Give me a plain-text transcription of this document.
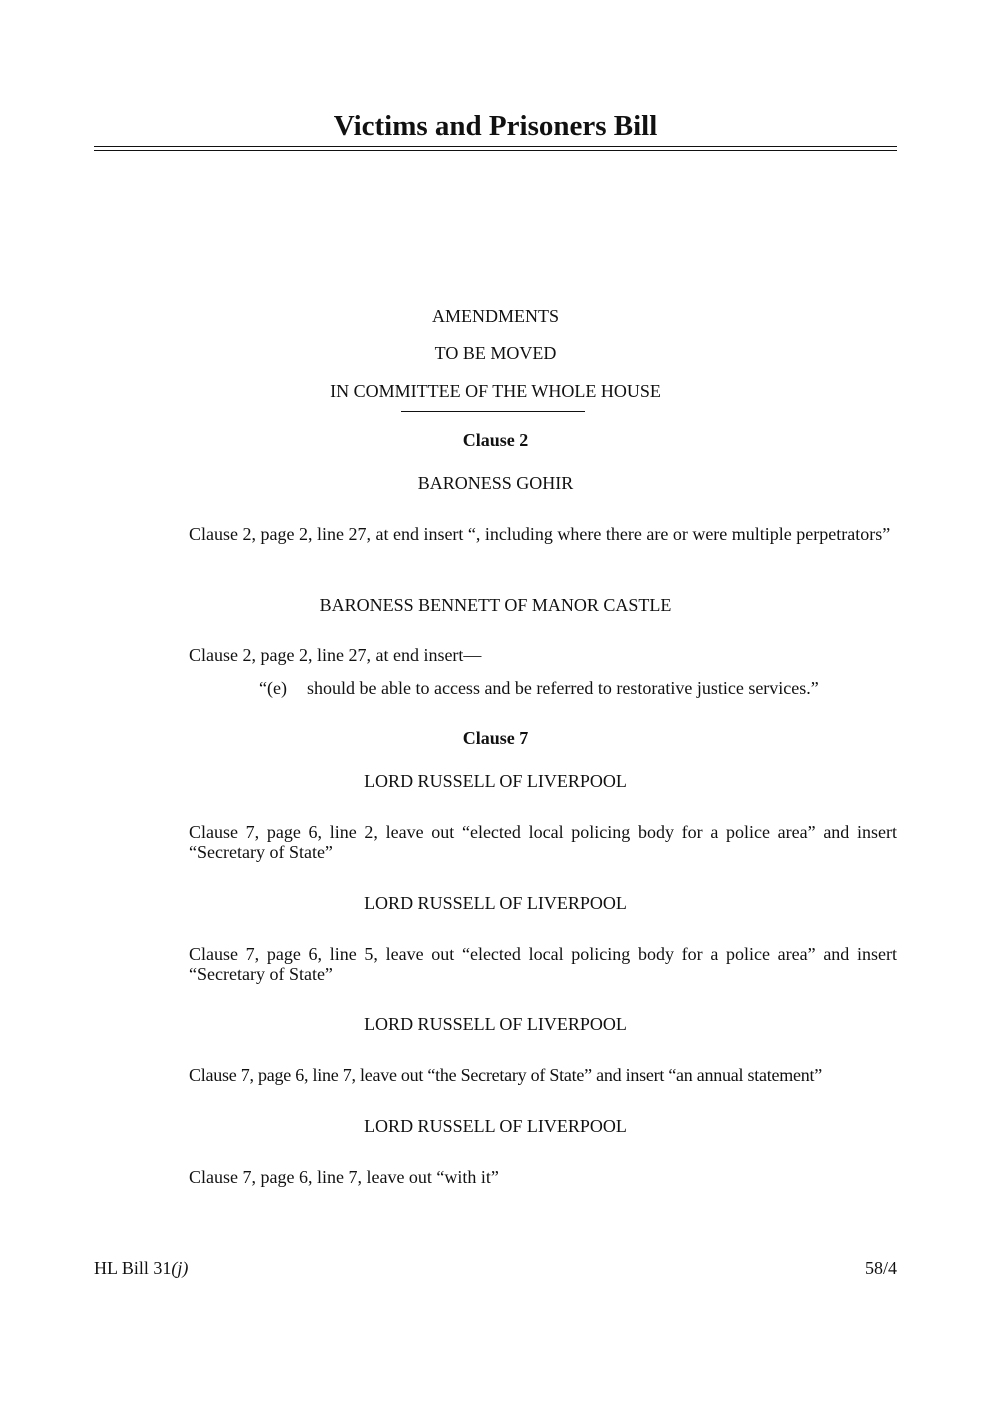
Victims and Prisoners Bill
AMENDMENTS
TO BE MOVED
IN COMMITTEE OF THE WHOLE HOUSE
Clause 2
BARONESS GOHIR
Clause 2, page 2, line 27, at end insert “, including where there are or were multiple perpetrators”
BARONESS BENNETT OF MANOR CASTLE
Clause 2, page 2, line 27, at end insert—
“(e) should be able to access and be referred to restorative justice services.”
Clause 7
LORD RUSSELL OF LIVERPOOL
Clause 7, page 6, line 2, leave out “elected local policing body for a police area” and insert “Secretary of State”
LORD RUSSELL OF LIVERPOOL
Clause 7, page 6, line 5, leave out “elected local policing body for a police area” and insert “Secretary of State”
LORD RUSSELL OF LIVERPOOL
Clause 7, page 6, line 7, leave out “the Secretary of State” and insert “an annual statement”
LORD RUSSELL OF LIVERPOOL
Clause 7, page 6, line 7, leave out “with it”
HL Bill 31(j)	58/4
